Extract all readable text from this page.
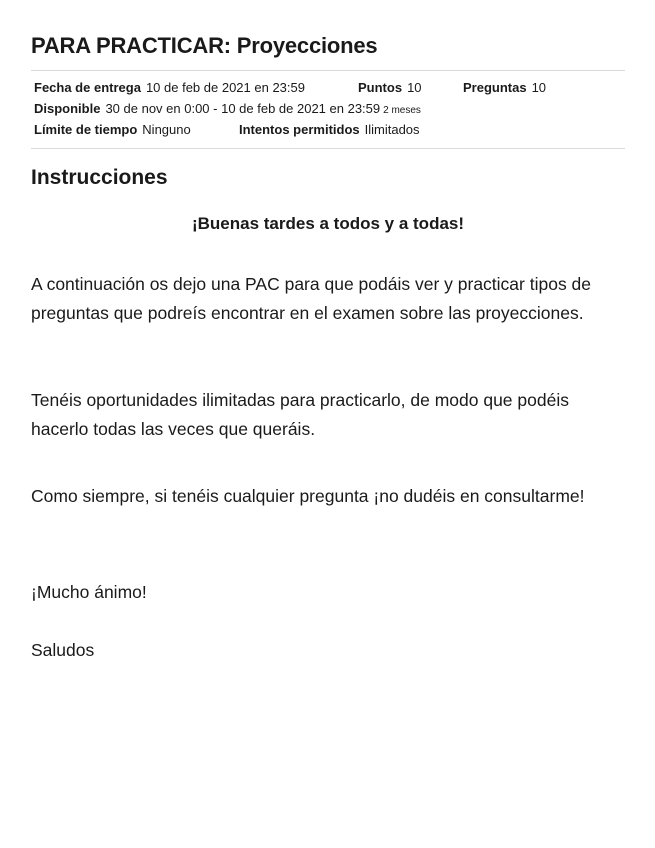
PARA PRACTICAR: Proyecciones
Fecha de entrega 10 de feb de 2021 en 23:59	Puntos 10	Preguntas 10
Disponible 30 de nov en 0:00 - 10 de feb de 2021 en 23:59 2 meses
Límite de tiempo Ninguno	Intentos permitidos Ilimitados
Instrucciones

¡Buenas tardes a todos y a todas!

A continuación os dejo una PAC para que podáis ver y practicar tipos de preguntas que podreís encontrar en el examen sobre las proyecciones.

Tenéis oportunidades ilimitadas para practicarlo, de modo que podéis hacerlo todas las veces que queráis.

Como siempre, si tenéis cualquier pregunta ¡no dudéis en consultarme!

¡Mucho ánimo!

Saludos
